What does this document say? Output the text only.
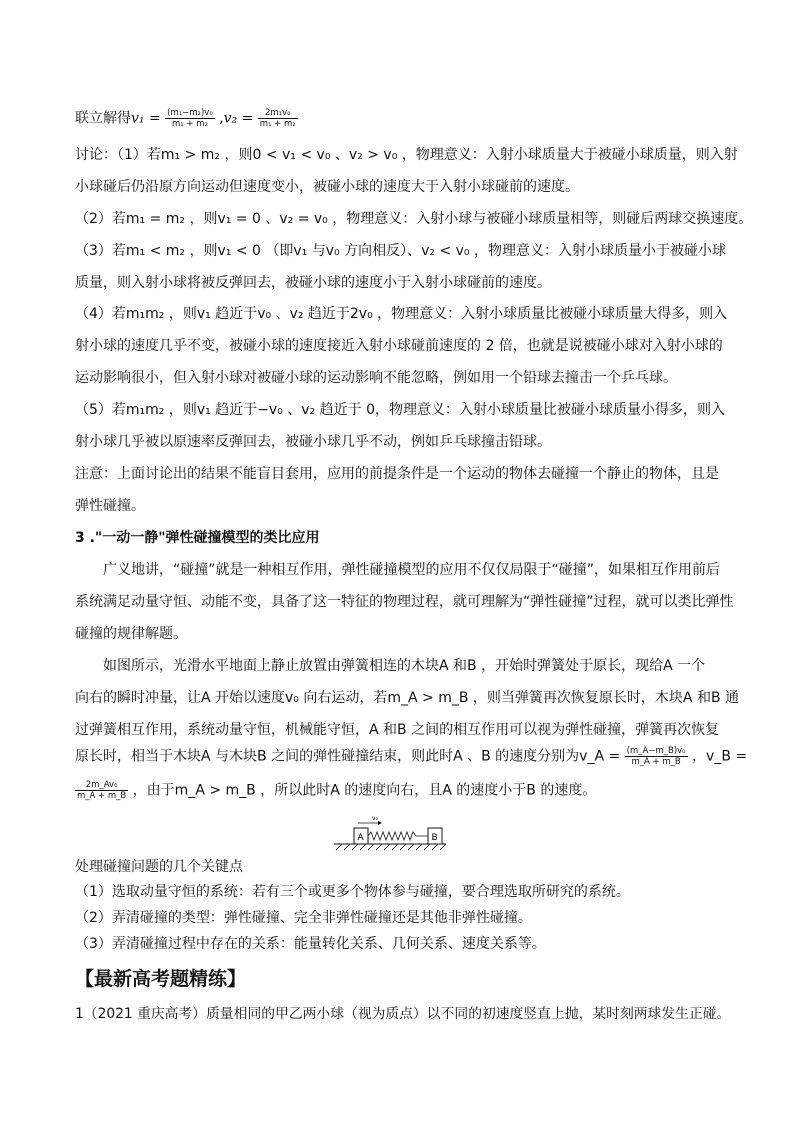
联立解得$v_1 = \frac{\text{(m₁−m₂)v₀}}{\text{m₁ + m₂}} ,v_2 = \frac{\text{2m₁v₀}}{\text{m₁ + m₂}}$
讨论：（1）若m₁ > m₂ ，则0 < v₁ < v₀ 、v₂ > v₀ ，物理意义：入射小球质量大于被碰小球质量，则入射
小球碰后仍沿原方向运动但速度变小，被碰小球的速度大于入射小球碰前的速度。
（2）若m₁ = m₂ ，则v₁ = 0 、v₂ = v₀ ，物理意义：入射小球与被碰小球质量相等，则碰后两球交换速度。
（3）若m₁ < m₂ ，则v₁ < 0 （即v₁ 与v₀ 方向相反）、v₂ < v₀ ，物理意义：入射小球质量小于被碰小球
质量，则入射小球将被反弹回去，被碰小球的速度小于入射小球碰前的速度。
（4）若m₁m₂ ，则v₁ 趋近于v₀ 、v₂ 趋近于2v₀ ，物理意义：入射小球质量比被碰小球质量大得多，则入
射小球的速度几乎不变，被碰小球的速度接近入射小球碰前速度的 2 倍，也就是说被碰小球对入射小球的
运动影响很小，但入射小球对被碰小球的运动影响不能忽略，例如用一个铅球去撞击一个乒乓球。
（5）若m₁m₂ ，则v₁ 趋近于−v₀ 、v₂ 趋近于 0，物理意义：入射小球质量比被碰小球质量小得多，则入
射小球几乎被以原速率反弹回去，被碰小球几乎不动，例如乒乓球撞击铅球。
注意：上面讨论出的结果不能盲目套用，应用的前提条件是一个运动的物体去碰撞一个静止的物体，且是
弹性碰撞。
3 ."一动一静"弹性碰撞模型的类比应用
广义地讲，“碰撞”就是一种相互作用，弹性碰撞模型的应用不仅仅局限于“碰撞”，如果相互作用前后
系统满足动量守恒、动能不变，具备了这一特征的物理过程，就可理解为“弹性碰撞”过程，就可以类比弹性
碰撞的规律解题。
如图所示，光滑水平地面上静止放置由弹簧相连的木块A 和B ，开始时弹簧处于原长，现给A 一个
向右的瞬时冲量，让A 开始以速度v₀ 向右运动，若m_A > m_B ，则当弹簧再次恢复原长时，木块A 和B 通
过弹簧相互作用，系统动量守恒，机械能守恒，A 和B 之间的相互作用可以视为弹性碰撞，弹簧再次恢复
原长时，相当于木块A 与木块B 之间的弹性碰撞结束，则此时A 、B 的速度分别为v_A = $\frac{\text{(m\_A−m\_B)v₀}}{m\_A + m\_B}$ ，v_B =
$\frac{\text{2m\_Av₀}}{m\_A + m\_B}$ ，由于m_A > m_B ，所以此时A 的速度向右，且A 的速度小于B 的速度。
A	B
v₀
处理碰撞问题的几个关键点
（1）选取动量守恒的系统：若有三个或更多个物体参与碰撞，要合理选取所研究的系统。
（2）弄清碰撞的类型：弹性碰撞、完全非弹性碰撞还是其他非弹性碰撞。
（3）弄清碰撞过程中存在的关系：能量转化关系、几何关系、速度关系等。
【最新高考题精练】
1（2021 重庆高考）质量相同的甲乙两小球（视为质点）以不同的初速度竖直上抛，某时刻两球发生正碰。
